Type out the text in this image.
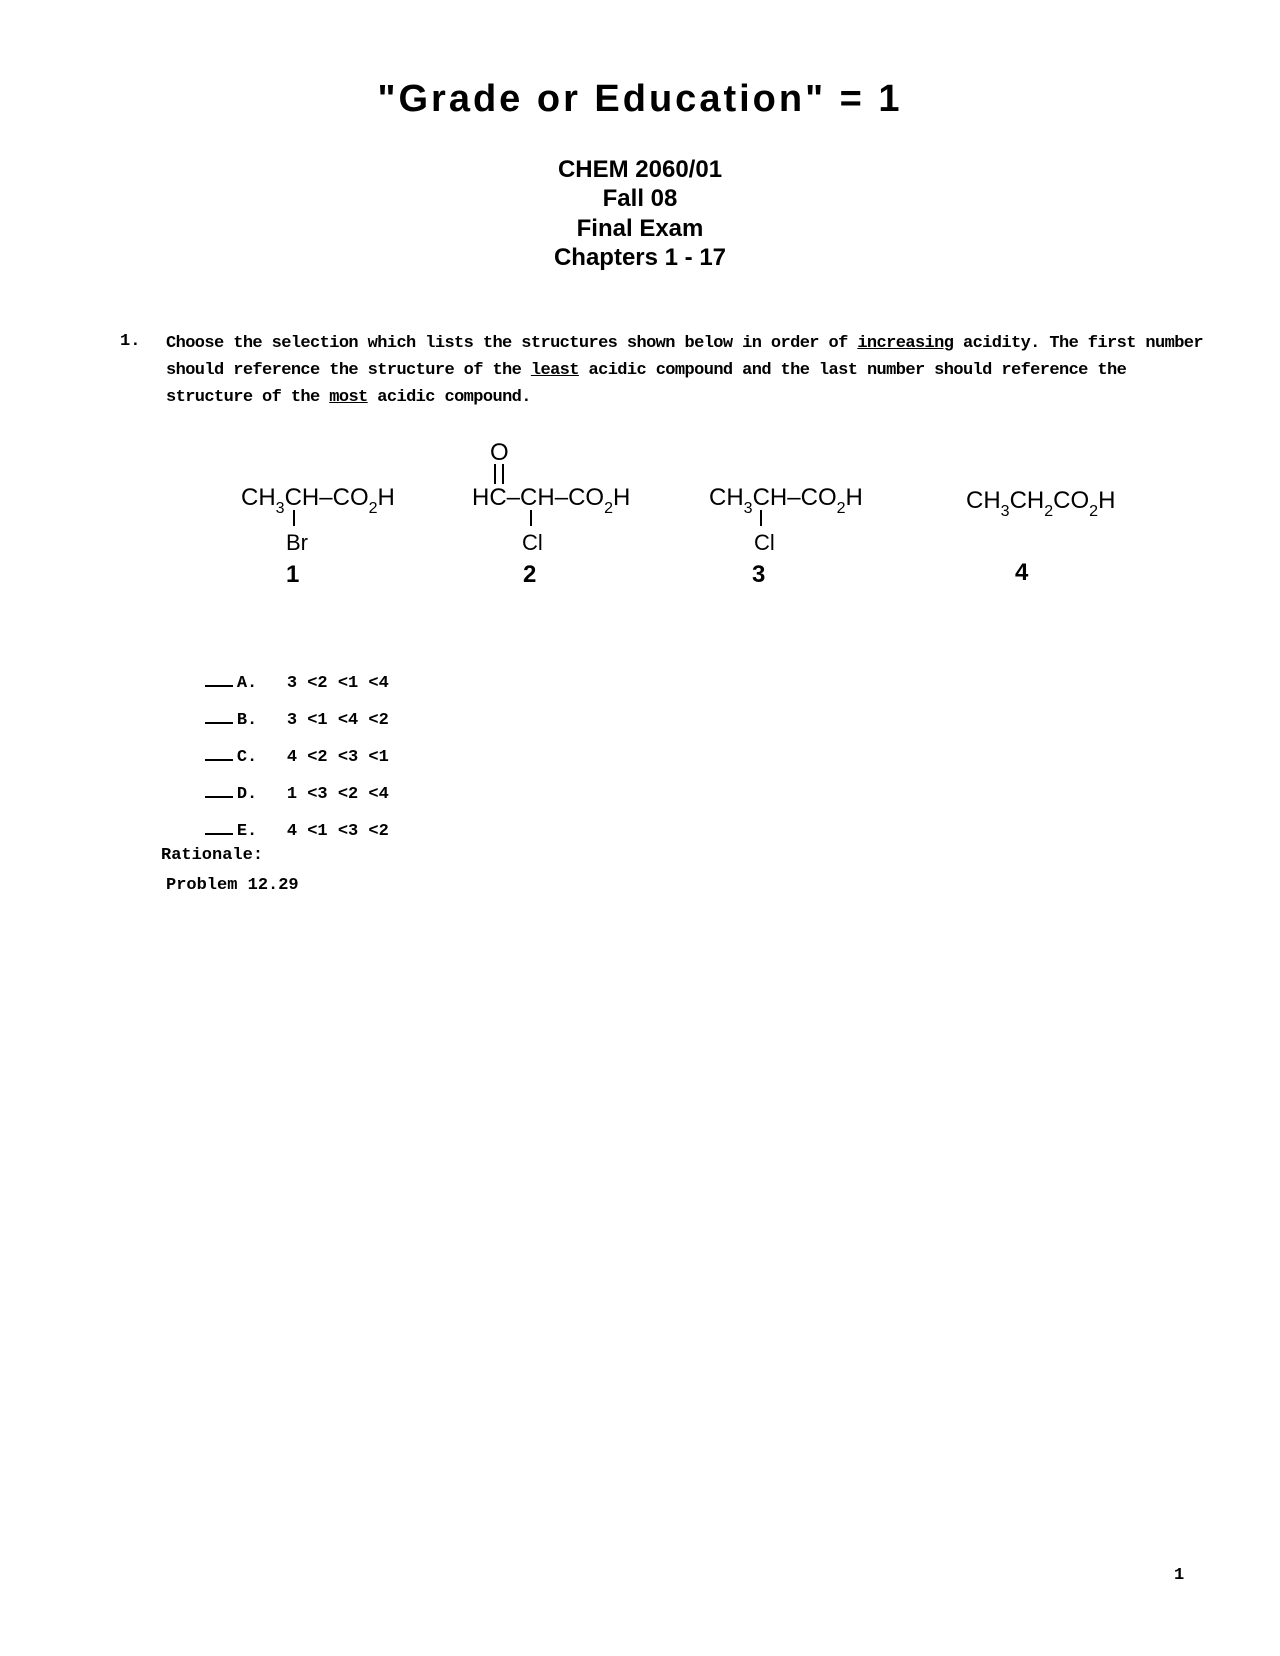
"Grade or Education" = 1
CHEM 2060/01
Fall 08
Final Exam
Chapters 1 - 17
1. Choose the selection which lists the structures shown below in order of increasing acidity. The first number should reference the structure of the least acidic compound and the last number should reference the structure of the most acidic compound.
$CH_3CH-CO_2H$
Br
1
O
$HC-CH-CO_2H$
Cl
2
$CH_3CH-CO_2H$
Cl
3
$CH_3CH_2CO_2H$
4

A. 3 <2 <1 <4

B. 3 <1 <4 <2

C. 4 <2 <3 <1

D. 1 <3 <2 <4

E. 4 <1 <3 <2

Rationale:
Problem 12.29
1
